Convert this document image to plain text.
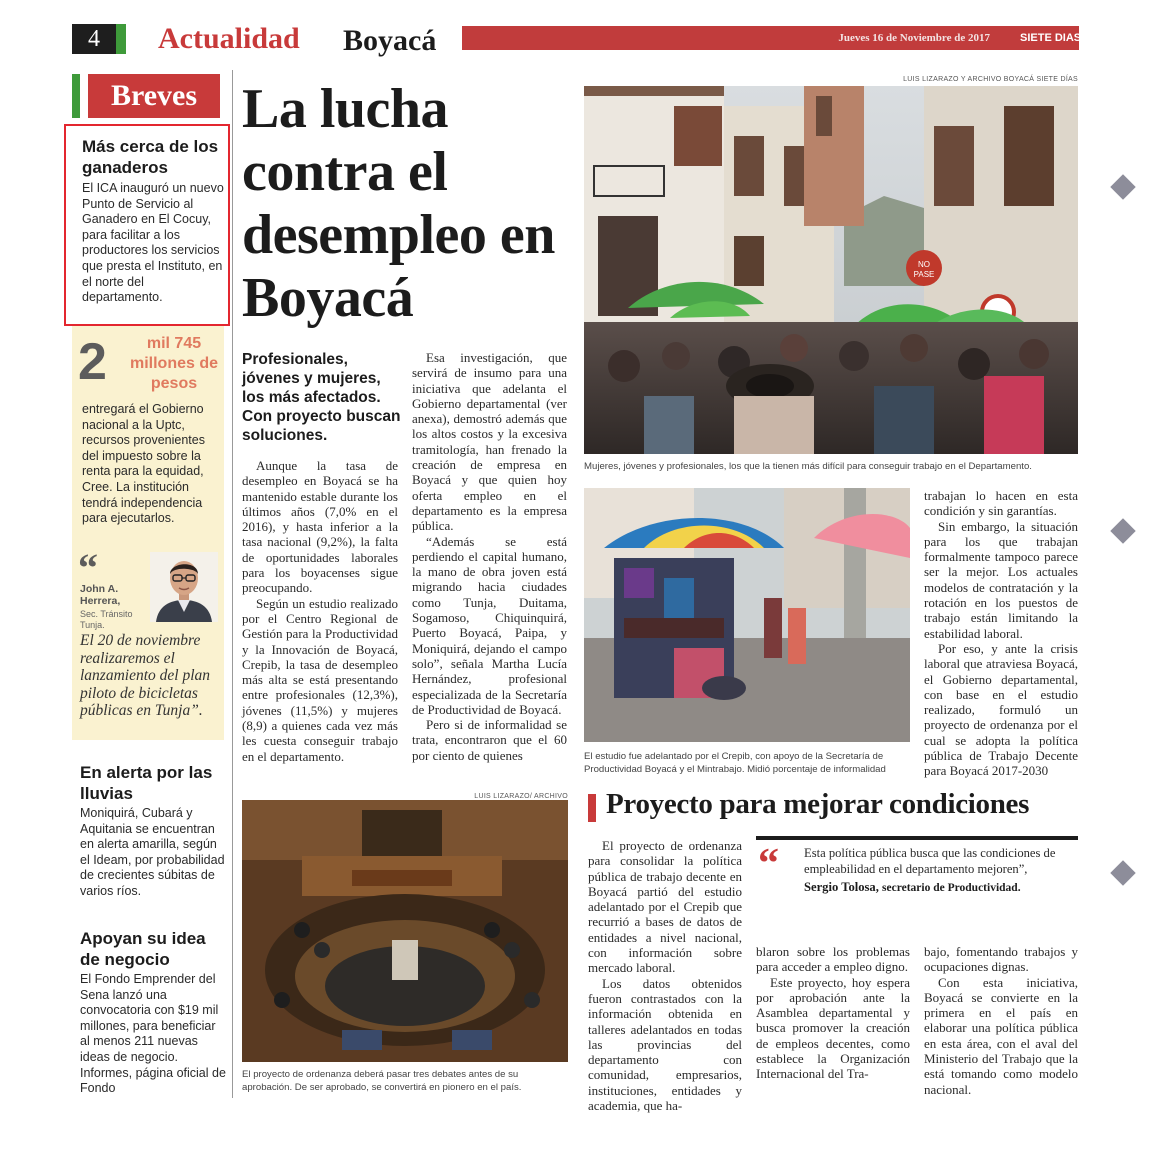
4	Actualidad Boyacá	Jueves 16 de Noviembre de 2017	SIETE DIAS
Breves
Más cerca de los ganaderos
El ICA inauguró un nuevo Punto de Servicio al Ganadero en El Cocuy, para facilitar a los productores los servicios que presta el Instituto, en el norte del departamento.
2	mil 745 millones de pesos
entregará el Gobierno nacional a la Uptc, recursos provenientes del impuesto sobre la renta para la equidad, Cree. La institución tendrá independencia para ejecutarlos.
“
John A. Herrera,
Sec. Tránsito Tunja.
El 20 de noviembre realizaremos el lanzamiento del plan piloto de bicicletas públicas en Tunja”.
En alerta por las lluvias
Moniquirá, Cubará y Aquitania se encuentran en alerta amarilla, según el Ideam, por probabilidad de crecientes súbitas de varios ríos.
Apoyan su idea de negocio
El Fondo Emprender del Sena lanzó una convocatoria con $19 mil millones, para beneficiar al menos 211 nuevas ideas de negocio. Informes, página oficial de Fondo
La lucha contra el desempleo en Boyacá
Profesionales, jóvenes y mujeres, los más afectados. Con proyecto buscan soluciones.

Aunque la tasa de desempleo en Boyacá se ha mantenido estable durante los últimos años (7,0% en el 2016), y hasta inferior a la tasa nacional (9,2%), la falta de oportunidades laborales para los boyacenses sigue preocupando.

Según un estudio realizado por el Centro Regional de Gestión para la Productividad y la Innovación de Boyacá, Crepib, la tasa de desempleo más alta se está presentando entre profesionales (12,3%), jóvenes (11,5%) y mujeres (8,9) a quienes cada vez más les cuesta conseguir trabajo en el departamento.

Esa investigación, que servirá de insumo para una iniciativa que adelanta el Gobierno departamental (ver anexa), demostró además que los altos costos y la excesiva tramitología, han frenado la creación de empresa en Boyacá y que quien hoy oferta empleo en el departamento es la empresa pública.

“Además se está perdiendo el capital humano, la mano de obra joven está migrando hacia ciudades como Tunja, Duitama, Sogamoso, Chiquinquirá, Puerto Boyacá, Paipa, y Moniquirá, dejando el campo solo”, señala Martha Lucía Hernández, profesional especializada de la Secretaría de Productividad de Boyacá.

Pero si de informalidad se trata, encontraron que el 60 por ciento de quienes

LUIS LIZARAZO Y ARCHIVO BOYACÁ SIETE DÍAS
NO
PASE
Mujeres, jóvenes y profesionales, los que la tienen más difícil para conseguir trabajo en el Departamento.
El estudio fue adelantado por el Crepib, con apoyo de la Secretaría de Productividad Boyacá y el Mintrabajo. Midió porcentaje de informalidad

trabajan lo hacen en esta condición y sin garantías.

Sin embargo, la situación para los que trabajan formalmente tampoco parece ser la mejor. Los actuales modelos de contratación y la rotación en los puestos de trabajo están limitando la estabilidad laboral.

Por eso, y ante la crisis laboral que atraviesa Boyacá, el Gobierno departamental, con base en el estudio realizado, formuló un proyecto de ordenanza por el cual se adopta la política pública de Trabajo Decente para Boyacá 2017-2030

LUIS LIZARAZO/ ARCHIVO
El proyecto de ordenanza deberá pasar tres debates antes de su aprobación. De ser aprobado, se convertirá en pionero en el país.
Proyecto para mejorar condiciones

El proyecto de ordenanza para consolidar la política pública de trabajo decente en Boyacá partió del estudio adelantado por el Crepib que recurrió a bases de datos de entidades a nivel nacional, con información sobre mercado laboral.

Los datos obtenidos fueron contrastados con la información obtenida en talleres adelantados en todas las provincias del departamento con comunidad, empresarios, instituciones, entidades y academia, que ha-

“ Esta política pública busca que las condiciones de empleabilidad en el departamento mejoren”,
Sergio Tolosa, secretario de Productividad.

blaron sobre los problemas para acceder a empleo digno.

Este proyecto, hoy espera por aprobación ante la Asamblea departamental y busca promover la creación de empleos decentes, como establece la Organización Internacional del Tra-

bajo, fomentando trabajos y ocupaciones dignas.

Con esta iniciativa, Boyacá se convierte en la primera en el país en elaborar una política pública en esta área, con el aval del Ministerio del Trabajo que la está tomando como modelo nacional.
